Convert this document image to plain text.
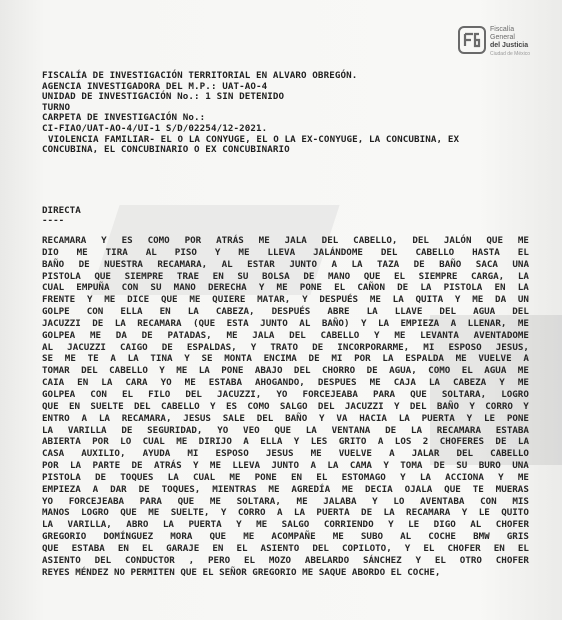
Fiscalía
General
del Justicia
Ciudad de México
FISCALÍA DE INVESTIGACIÓN TERRITORIAL EN ALVARO OBREGÓN.
AGENCIA INVESTIGADORA DEL M.P.: UAT-AO-4
UNIDAD DE INVESTIGACIÓN No.: 1 SIN DETENIDO
TURNO
CARPETA DE INVESTIGACIÓN No.:
CI-FIAO/UAT-AO-4/UI-1 S/D/02254/12-2021.
VIOLENCIA FAMILIAR- EL O LA CONYUGE, EL O LA EX-CONYUGE, LA CONCUBINA, EX
CONCUBINA, EL CONCUBINARIO O EX CONCUBINARIO
DIRECTA
----
RECAMARA Y ES COMO POR ATRÁS ME JALA DEL CABELLO, DEL JALÓN QUE ME
DIO ME TIRA AL PISO Y ME LLEVA JALÁNDOME DEL CABELLO HASTA EL
BAÑO DE NUESTRA RECAMARA, AL ESTAR JUNTO A LA TAZA DE BAÑO SACA UNA
PISTOLA QUE SIEMPRE TRAE EN SU BOLSA DE MANO QUE EL SIEMPRE CARGA, LA
CUAL EMPUÑA CON SU MANO DERECHA Y ME PONE EL CAÑON DE LA PISTOLA EN LA
FRENTE Y ME DICE QUE ME QUIERE MATAR, Y DESPUÉS ME LA QUITA Y ME DA UN
GOLPE CON ELLA EN LA CABEZA, DESPUÉS ABRE LA LLAVE DEL AGUA DEL
JACUZZI DE LA RECAMARA (QUE ESTA JUNTO AL BAÑO) Y LA EMPIEZA A LLENAR, ME
GOLPEA ME DA DE PATADAS, ME JALA DEL CABELLO Y ME LEVANTA AVENTADOME
AL JACUZZI CAIGO DE ESPALDAS, Y TRATO DE INCORPORARME, MI ESPOSO JESUS,
SE ME TE A LA TINA Y SE MONTA ENCIMA DE MI POR LA ESPALDA ME VUELVE A
TOMAR DEL CABELLO Y ME LA PONE ABAJO DEL CHORRO DE AGUA, COMO EL AGUA ME
CAIA EN LA CARA YO ME ESTABA AHOGANDO, DESPUES ME CAJA LA CABEZA Y ME
GOLPEA CON EL FILO DEL JACUZZI, YO FORCEJEABA PARA QUE SOLTARA, LOGRO
QUE EN SUELTE DEL CABELLO Y ES COMO SALGO DEL JACUZZI Y DEL BAÑO Y CORRO Y
ENTRO A LA RECAMARA, JESUS SALE DEL BAÑO Y VA HACIA LA PUERTA Y LE PONE
LA VARILLA DE SEGURIDAD, YO VEO QUE LA VENTANA DE LA RECAMARA ESTABA
ABIERTA POR LO CUAL ME DIRIJO A ELLA Y LES GRITO A LOS 2 CHOFERES DE LA
CASA AUXILIO, AYUDA MI ESPOSO JESUS ME VUELVE A JALAR DEL CABELLO
POR LA PARTE DE ATRÁS Y ME LLEVA JUNTO A LA CAMA Y TOMA DE SU BURO UNA
PISTOLA DE TOQUES LA CUAL ME PONE EN EL ESTOMAGO Y LA ACCIONA Y ME
EMPIEZA A DAR DE TOQUES, MIENTRAS ME AGREDÍA ME DECIA OJALA QUE TE MUERAS
YO FORCEJEABA PARA QUE ME SOLTARA, ME JALABA Y LO AVENTABA CON MIS
MANOS LOGRO QUE ME SUELTE, Y CORRO A LA PUERTA DE LA RECAMARA Y LE QUITO
LA VARILLA, ABRO LA PUERTA Y ME SALGO CORRIENDO Y LE DIGO AL CHOFER
GREGORIO DOMÍNGUEZ MORA QUE ME ACOMPAÑE ME SUBO AL COCHE BMW GRIS
QUE ESTABA EN EL GARAJE EN EL ASIENTO DEL COPILOTO, Y EL CHOFER EN EL
ASIENTO DEL CONDUCTOR , PERO EL MOZO ABELARDO SÁNCHEZ Y EL OTRO CHOFER
REYES MÉNDEZ NO PERMITEN QUE EL SEÑOR GREGORIO ME SAQUE ABORDO EL COCHE,
